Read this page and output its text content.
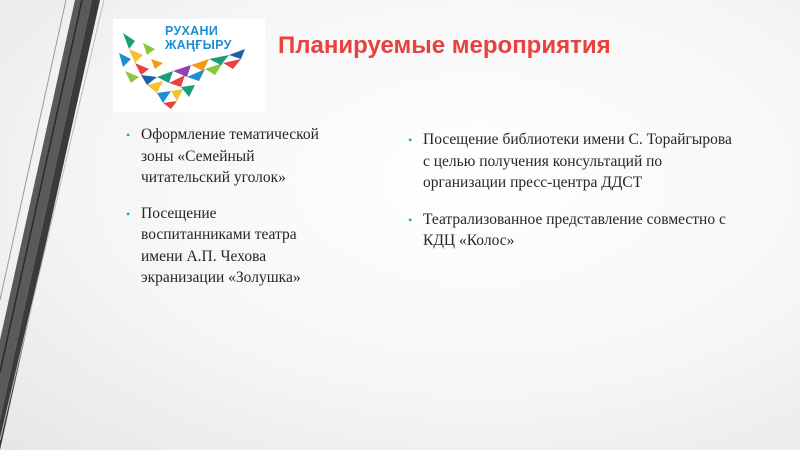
РУХАНИ
ЖАҢҒЫРУ Планируемые мероприятия
• Оформление тематической зоны «Семейный читательский уголок»
• Посещение воспитанниками театра имени А.П. Чехова экранизации «Золушка»
• Посещение библиотеки имени С. Торайгырова с целью получения консультаций по организации пресс-центра ДДСТ
• Театрализованное представление совместно с КДЦ «Колос»
